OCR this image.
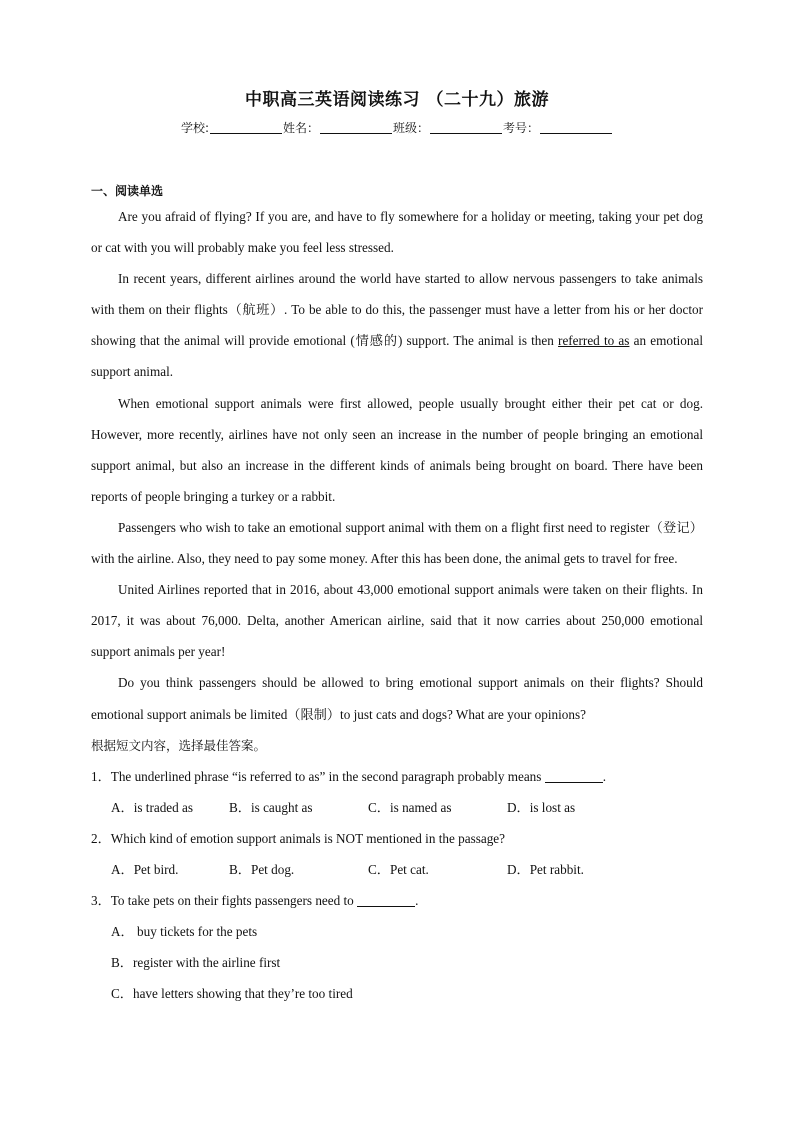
中职高三英语阅读练习 （二十九）旅游
学校:	姓名：	班级：	考号：
一、阅读单选

Are you afraid of flying? If you are, and have to fly somewhere for a holiday or meeting, taking your pet dog or cat with you will probably make you feel less stressed.

In recent years, different airlines around the world have started to allow nervous passengers to take animals with them on their flights（航班）. To be able to do this, the passenger must have a letter from his or her doctor showing that the animal will provide emotional (情感的) support. The animal is then referred to as an emotional support animal.

When emotional support animals were first allowed, people usually brought either their pet cat or dog. However, more recently, airlines have not only seen an increase in the number of people bringing an emotional support animal, but also an increase in the different kinds of animals being brought on board. There have been reports of people bringing a turkey or a rabbit.

Passengers who wish to take an emotional support animal with them on a flight first need to register（登记）with the airline. Also, they need to pay some money. After this has been done, the animal gets to travel for free.

United Airlines reported that in 2016, about 43,000 emotional support animals were taken on their flights. In 2017, it was about 76,000. Delta, another American airline, said that it now carries about 250,000 emotional support animals per year!

Do you think passengers should be allowed to bring emotional support animals on their flights? Should emotional support animals be limited（限制）to just cats and dogs? What are your opinions?

根据短文内容，选择最佳答案。

1．The underlined phrase “is referred to as” in the second paragraph probably means	.

A．is traded as	B．is caught as	C．is named as	D．is lost as

2．Which kind of emotion support animals is NOT mentioned in the passage?

A．Pet bird.	B．Pet dog.	C．Pet cat.	D．Pet rabbit.

3．To take pets on their fights passengers need to	.

A． buy tickets for the pets
B．register with the airline first
C．have letters showing that they’re too tired
